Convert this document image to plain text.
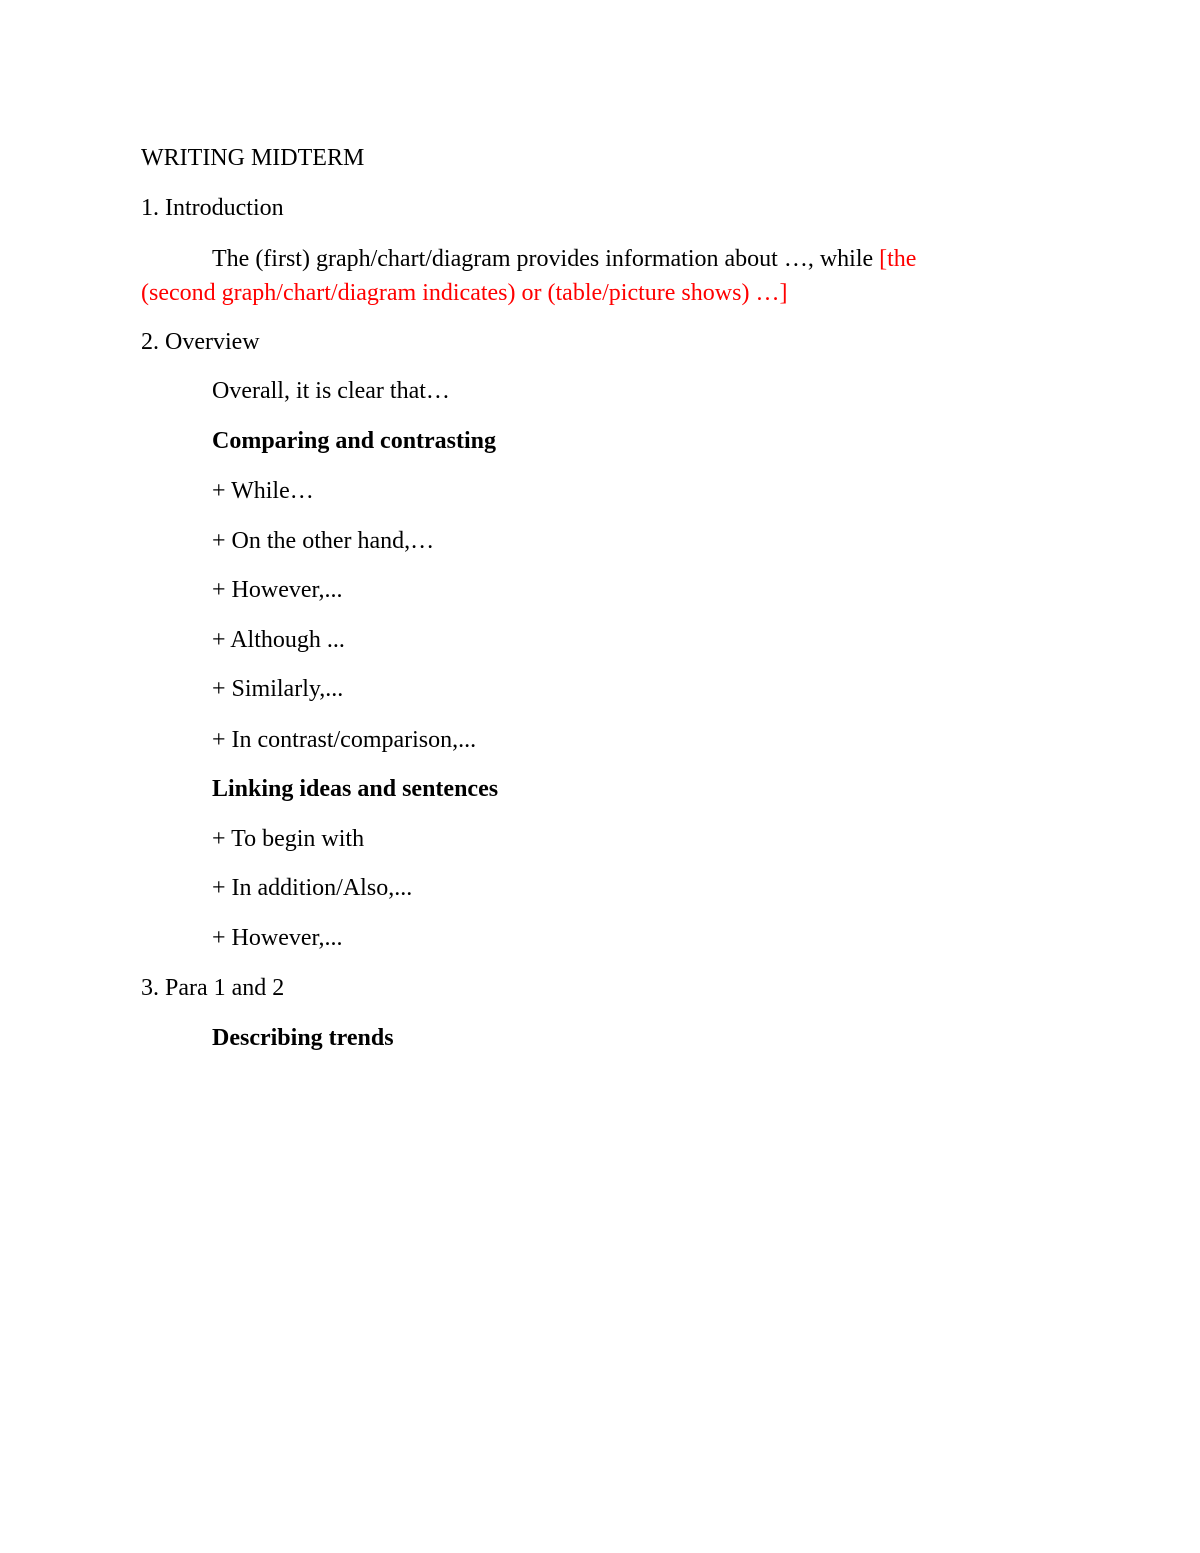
WRITING MIDTERM
1. Introduction
The (first) graph/chart/diagram provides information about …, while [the
(second graph/chart/diagram indicates) or (table/picture shows) …]
2. Overview
Overall, it is clear that…
Comparing and contrasting
+ While…
+ On the other hand,…
+ However,...
+ Although ...
+ Similarly,...
+ In contrast/comparison,...
Linking ideas and sentences
+ To begin with
+ In addition/Also,...
+ However,...
3. Para 1 and 2
Describing trends
